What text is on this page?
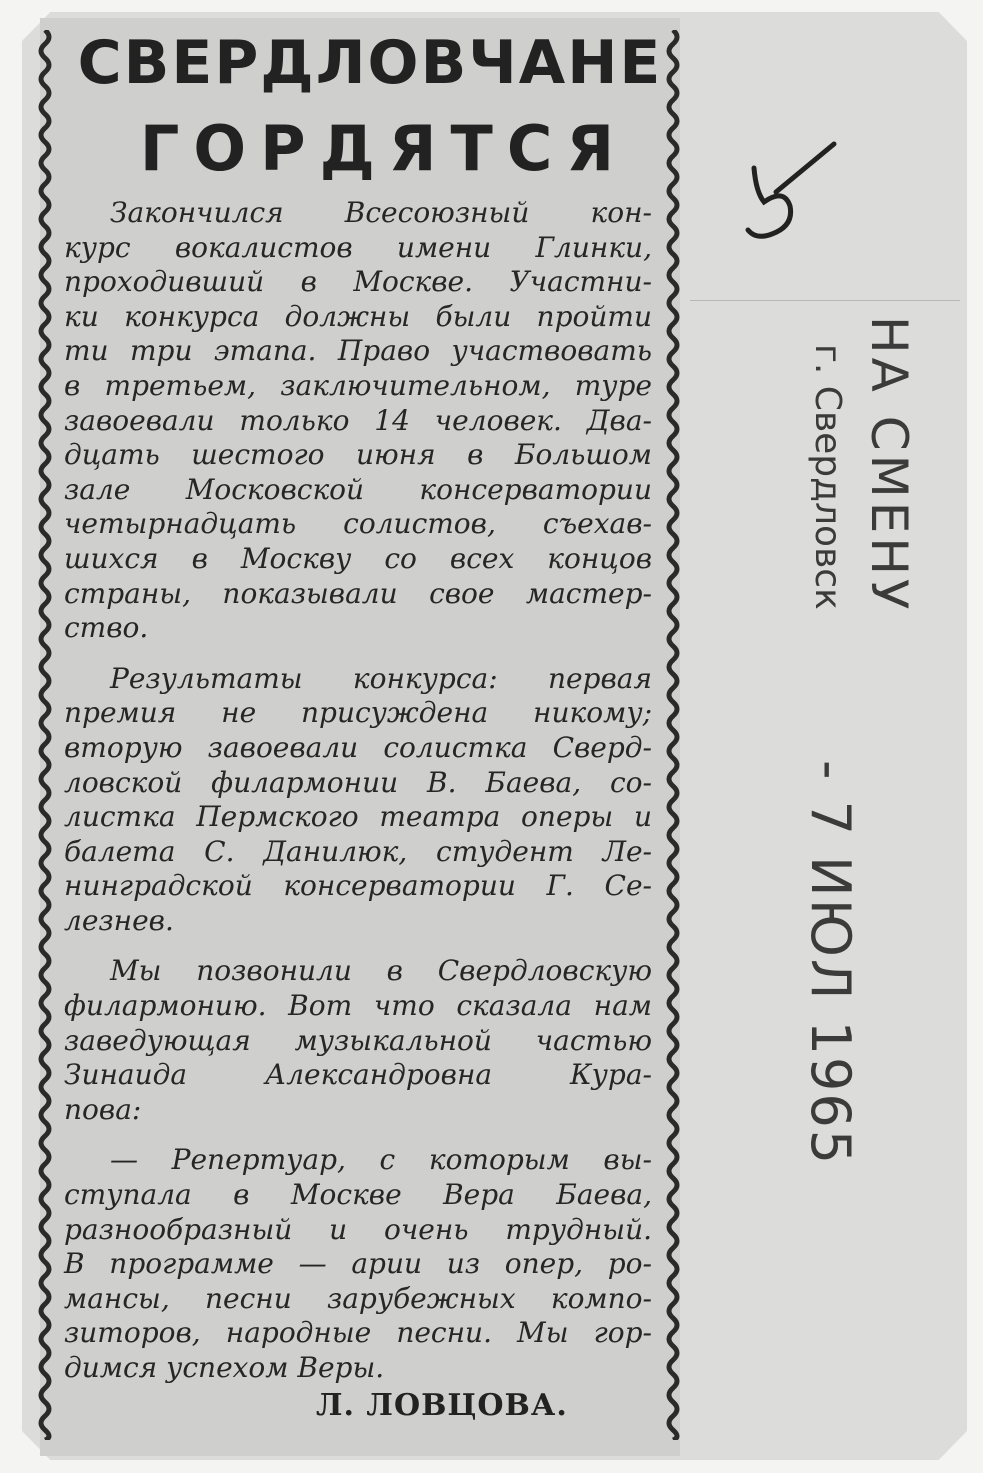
СВЕРДЛОВЧАНЕ
ГОРДЯТСЯ

Закончился Всесоюзный кон-
курс вокалистов имени Глинки,
проходивший в Москве. Участни-
ки конкурса должны были пройти
ти три этапа. Право участвовать
в третьем, заключительном, туре
завоевали только 14 человек. Два-
дцать шестого июня в Большом
зале Московской консерватории
четырнадцать солистов, съехав-
шихся в Москву со всех концов
страны, показывали свое мастер-
ство.

Результаты конкурса: первая
премия не присуждена никому;
вторую завоевали солистка Сверд-
ловской филармонии В. Баева, со-
листка Пермского театра оперы и
балета С. Данилюк, студент Ле-
нинградской консерватории Г. Се-
лезнев.

Мы позвонили в Свердловскую
филармонию. Вот что сказала нам
заведующая музыкальной частью
Зинаида Александровна Кура-
пова:

— Репертуар, с которым вы-
ступала в Москве Вера Баева,
разнообразный и очень трудный.
В программе — арии из опер, ро-
мансы, песни зарубежных компо-
зиторов, народные песни. Мы гор-
димся успехом Веры.

Л. ЛОВЦОВА.

НА СМЕНУ
г. Свердловск
- 7 ИЮЛ 1965
